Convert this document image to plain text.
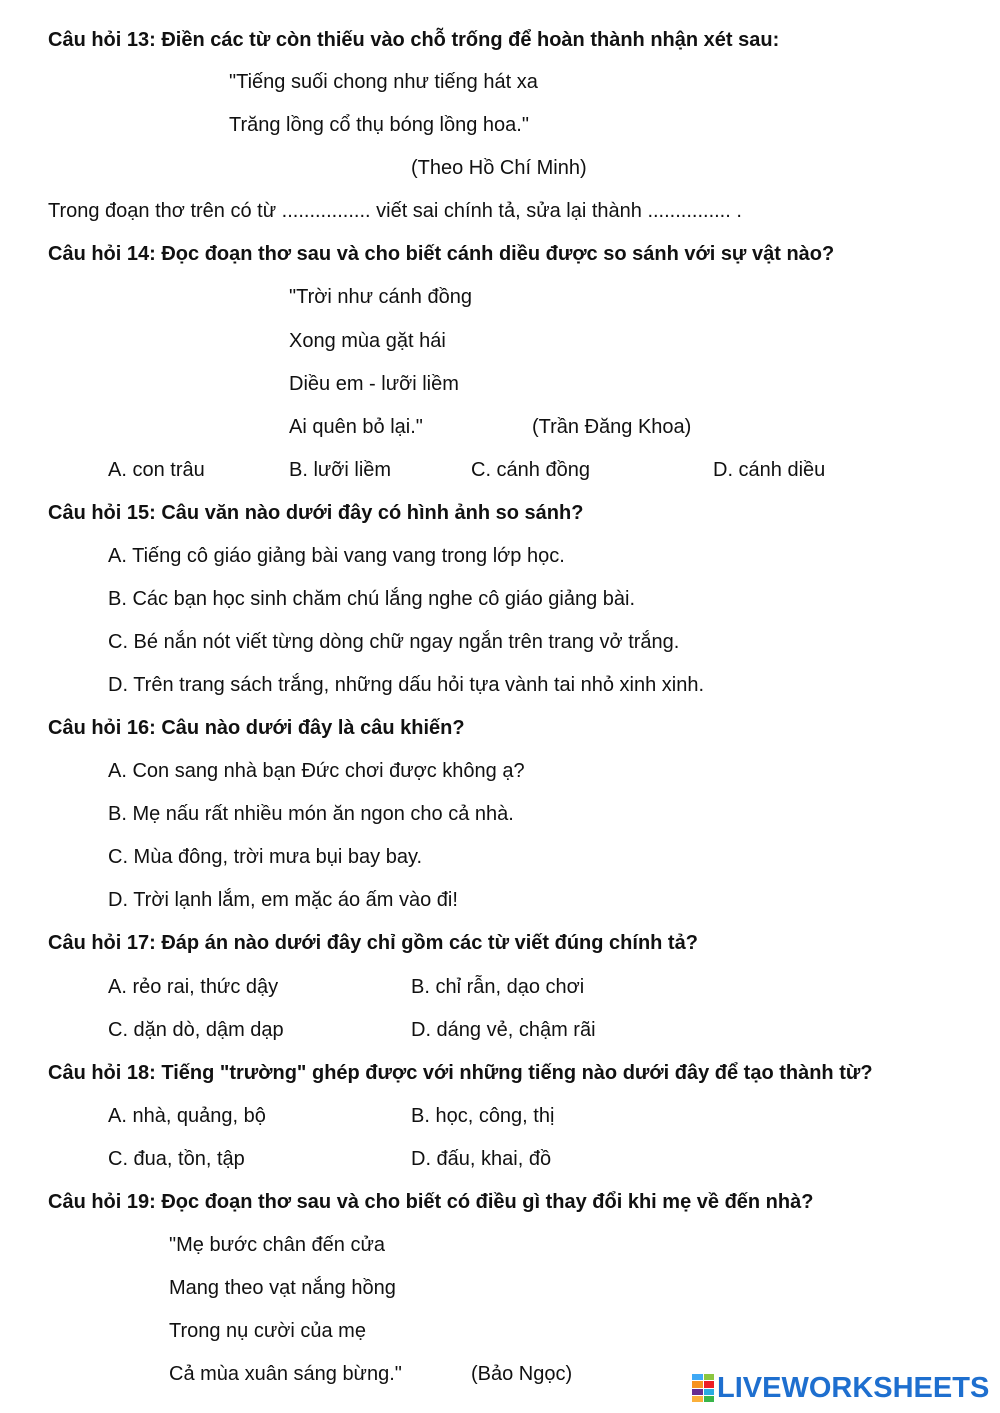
Câu hỏi 13: Điền các từ còn thiếu vào chỗ trống để hoàn thành nhận xét sau:
"Tiếng suối chong như tiếng hát xa
Trăng lồng cổ thụ bóng lồng hoa."
(Theo Hồ Chí Minh)
Trong đoạn thơ trên có từ ................ viết sai chính tả, sửa lại thành ............... .
Câu hỏi 14: Đọc đoạn thơ sau và cho biết cánh diều được so sánh với sự vật nào?
"Trời như cánh đồng
Xong mùa gặt hái
Diều em - lưỡi liềm
Ai quên bỏ lại."	(Trần Đăng Khoa)
A. con trâu	B. lưỡi liềm	C. cánh đồng	D. cánh diều
Câu hỏi 15: Câu văn nào dưới đây có hình ảnh so sánh?
A. Tiếng cô giáo giảng bài vang vang trong lớp học.
B. Các bạn học sinh chăm chú lắng nghe cô giáo giảng bài.
C. Bé nắn nót viết từng dòng chữ ngay ngắn trên trang vở trắng.
D. Trên trang sách trắng, những dấu hỏi tựa vành tai nhỏ xinh xinh.
Câu hỏi 16: Câu nào dưới đây là câu khiến?
A. Con sang nhà bạn Đức chơi được không ạ?
B. Mẹ nấu rất nhiều món ăn ngon cho cả nhà.
C. Mùa đông, trời mưa bụi bay bay.
D. Trời lạnh lắm, em mặc áo ấm vào đi!
Câu hỏi 17: Đáp án nào dưới đây chỉ gồm các từ viết đúng chính tả?
A. rẻo rai, thức dậy	B. chỉ rẫn, dạo chơi
C. dặn dò, dậm dạp	D. dáng vẻ, chậm rãi
Câu hỏi 18: Tiếng "trường" ghép được với những tiếng nào dưới đây để tạo thành từ?
A. nhà, quảng, bộ	B. học, công, thị
C. đua, tồn, tập	D. đấu, khai, đồ
Câu hỏi 19: Đọc đoạn thơ sau và cho biết có điều gì thay đổi khi mẹ về đến nhà?
"Mẹ bước chân đến cửa
Mang theo vạt nắng hồng
Trong nụ cười của mẹ
Cả mùa xuân sáng bừng."	(Bảo Ngọc)	LIVEWORKSHEETS
